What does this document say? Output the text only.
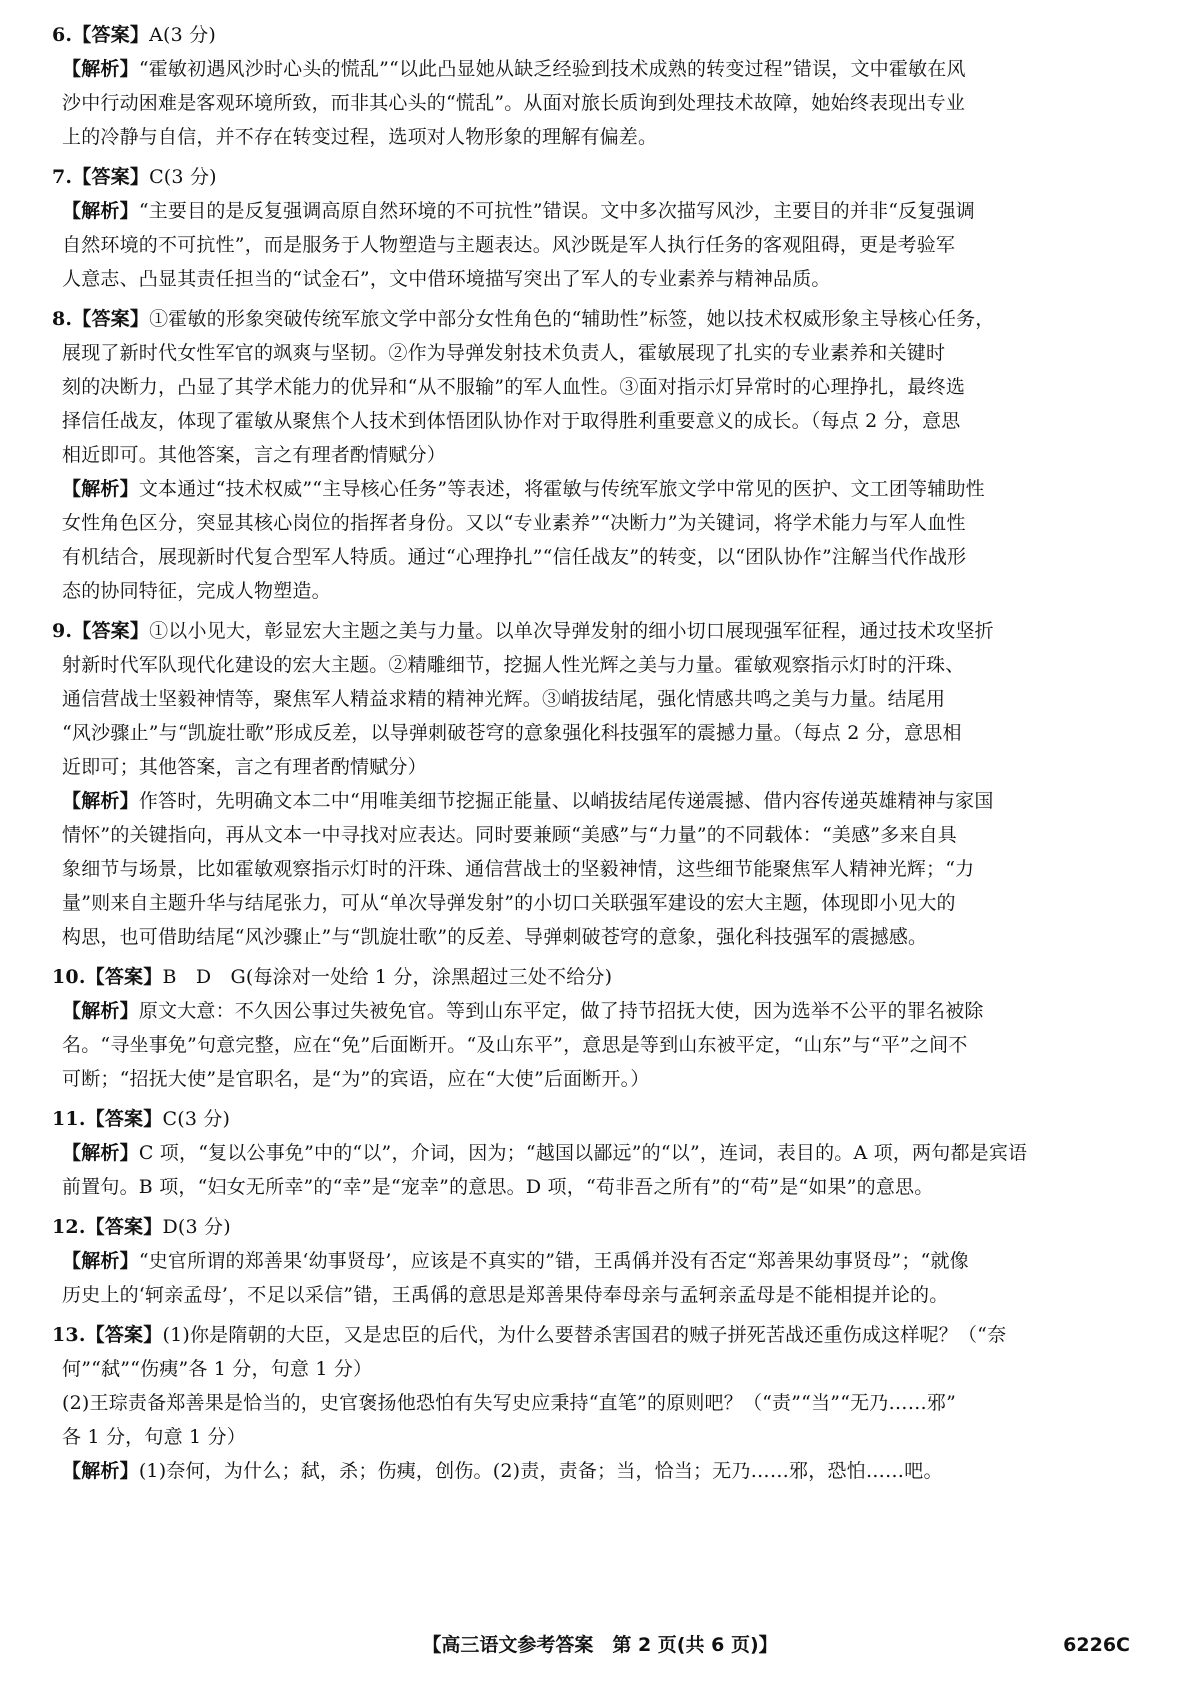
6.【答案】A(3 分)
【解析】“霍敏初遇风沙时心头的慌乱”“以此凸显她从缺乏经验到技术成熟的转变过程”错误，文中霍敏在风
沙中行动困难是客观环境所致，而非其心头的“慌乱”。从面对旅长质询到处理技术故障，她始终表现出专业
上的冷静与自信，并不存在转变过程，选项对人物形象的理解有偏差。
7.【答案】C(3 分)
【解析】“主要目的是反复强调高原自然环境的不可抗性”错误。文中多次描写风沙，主要目的并非“反复强调
自然环境的不可抗性”，而是服务于人物塑造与主题表达。风沙既是军人执行任务的客观阻碍，更是考验军
人意志、凸显其责任担当的“试金石”，文中借环境描写突出了军人的专业素养与精神品质。
8.【答案】①霍敏的形象突破传统军旅文学中部分女性角色的“辅助性”标签，她以技术权威形象主导核心任务，
展现了新时代女性军官的飒爽与坚韧。②作为导弹发射技术负责人，霍敏展现了扎实的专业素养和关键时
刻的决断力，凸显了其学术能力的优异和“从不服输”的军人血性。③面对指示灯异常时的心理挣扎，最终选
择信任战友，体现了霍敏从聚焦个人技术到体悟团队协作对于取得胜利重要意义的成长。（每点 2 分，意思
相近即可。其他答案，言之有理者酌情赋分）
【解析】文本通过“技术权威”“主导核心任务”等表述，将霍敏与传统军旅文学中常见的医护、文工团等辅助性
女性角色区分，突显其核心岗位的指挥者身份。又以“专业素养”“决断力”为关键词，将学术能力与军人血性
有机结合，展现新时代复合型军人特质。通过“心理挣扎”“信任战友”的转变，以“团队协作”注解当代作战形
态的协同特征，完成人物塑造。
9.【答案】①以小见大，彰显宏大主题之美与力量。以单次导弹发射的细小切口展现强军征程，通过技术攻坚折
射新时代军队现代化建设的宏大主题。②精雕细节，挖掘人性光辉之美与力量。霍敏观察指示灯时的汗珠、
通信营战士坚毅神情等，聚焦军人精益求精的精神光辉。③峭拔结尾，强化情感共鸣之美与力量。结尾用
“风沙骤止”与“凯旋壮歌”形成反差，以导弹刺破苍穹的意象强化科技强军的震撼力量。（每点 2 分，意思相
近即可；其他答案，言之有理者酌情赋分）
【解析】作答时，先明确文本二中“用唯美细节挖掘正能量、以峭拔结尾传递震撼、借内容传递英雄精神与家国
情怀”的关键指向，再从文本一中寻找对应表达。同时要兼顾“美感”与“力量”的不同载体：“美感”多来自具
象细节与场景，比如霍敏观察指示灯时的汗珠、通信营战士的坚毅神情，这些细节能聚焦军人精神光辉；“力
量”则来自主题升华与结尾张力，可从“单次导弹发射”的小切口关联强军建设的宏大主题，体现即小见大的
构思，也可借助结尾“风沙骤止”与“凯旋壮歌”的反差、导弹刺破苍穹的意象，强化科技强军的震撼感。
10.【答案】B　D　G(每涂对一处给 1 分，涂黑超过三处不给分)
【解析】原文大意：不久因公事过失被免官。等到山东平定，做了持节招抚大使，因为选举不公平的罪名被除
名。“寻坐事免”句意完整，应在“免”后面断开。“及山东平”，意思是等到山东被平定，“山东”与“平”之间不
可断；“招抚大使”是官职名，是“为”的宾语，应在“大使”后面断开。）
11.【答案】C(3 分)
【解析】C 项，“复以公事免”中的“以”，介词，因为；“越国以鄙远”的“以”，连词，表目的。A 项，两句都是宾语
前置句。B 项，“妇女无所幸”的“幸”是“宠幸”的意思。D 项，“苟非吾之所有”的“苟”是“如果”的意思。
12.【答案】D(3 分)
【解析】“史官所谓的郑善果‘幼事贤母’，应该是不真实的”错，王禹偁并没有否定“郑善果幼事贤母”；“就像
历史上的‘轲亲孟母’，不足以采信”错，王禹偁的意思是郑善果侍奉母亲与孟轲亲孟母是不能相提并论的。
13.【答案】(1)你是隋朝的大臣，又是忠臣的后代，为什么要替杀害国君的贼子拼死苦战还重伤成这样呢？（“奈
何”“弑”“伤痍”各 1 分，句意 1 分）
(2)王琮责备郑善果是恰当的，史官褒扬他恐怕有失写史应秉持“直笔”的原则吧？（“责”“当”“无乃……邪”
各 1 分，句意 1 分）
【解析】(1)奈何，为什么；弑，杀；伤痍，创伤。(2)责，责备；当，恰当；无乃……邪，恐怕……吧。
【高三语文参考答案　第 2 页(共 6 页)】	6226C
